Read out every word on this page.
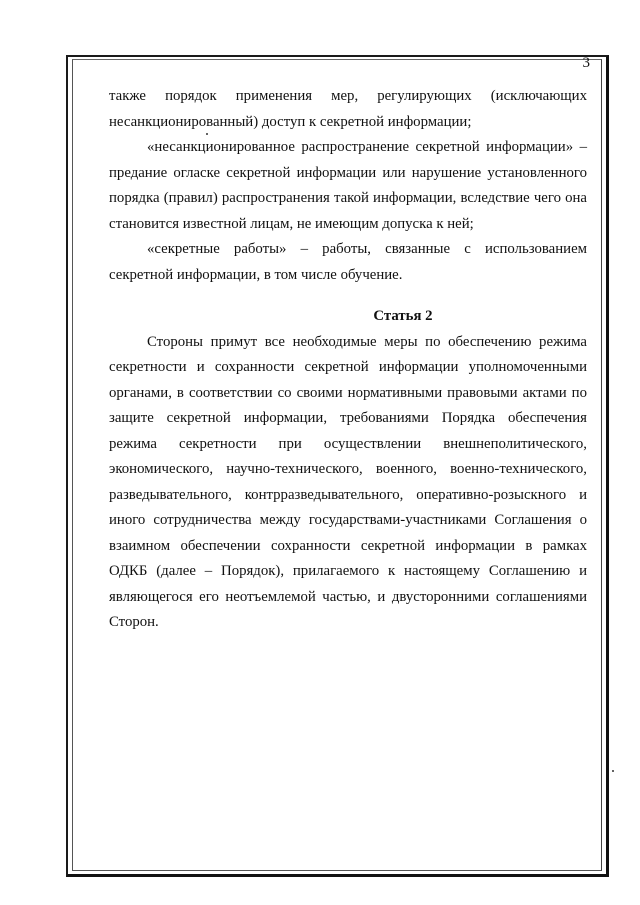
3

также порядок применения мер, регулирующих (исключающих несанкционированный) доступ к секретной информации;

«несанкционированное распространение секретной информации» – предание огласке секретной информации или нарушение установленного порядка (правил) распространения такой информации, вследствие чего она становится известной лицам, не имеющим допуска к ней;

«секретные работы» – работы, связанные с использованием секретной информации, в том числе обучение.

Статья 2

Стороны примут все необходимые меры по обеспечению режима секретности и сохранности секретной информации уполномоченными органами, в соответствии со своими нормативными правовыми актами по защите секретной информации, требованиями Порядка обеспечения режима секретности при осуществлении внешнеполитического, экономического, научно-технического, военного, военно-технического, разведывательного, контрразведывательного, оперативно-розыскного и иного сотрудничества между государствами-участниками Соглашения о взаимном обеспечении сохранности секретной информации в рамках ОДКБ (далее – Порядок), прилагаемого к настоящему Соглашению и являющегося его неотъемлемой частью, и двусторонними соглашениями Сторон.
